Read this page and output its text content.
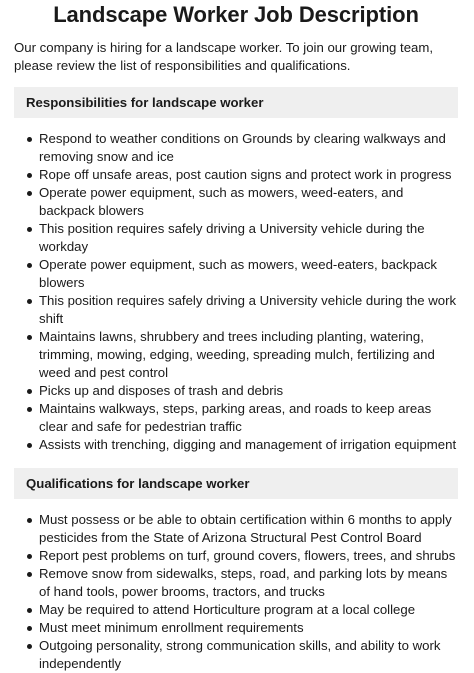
Landscape Worker Job Description

Our company is hiring for a landscape worker. To join our growing team, please review the list of responsibilities and qualifications.

Responsibilities for landscape worker
Respond to weather conditions on Grounds by clearing walkways and removing snow and ice
Rope off unsafe areas, post caution signs and protect work in progress
Operate power equipment, such as mowers, weed-eaters, and backpack blowers
This position requires safely driving a University vehicle during the workday
Operate power equipment, such as mowers, weed-eaters, backpack blowers
This position requires safely driving a University vehicle during the work shift
Maintains lawns, shrubbery and trees including planting, watering, trimming, mowing, edging, weeding, spreading mulch, fertilizing and weed and pest control
Picks up and disposes of trash and debris
Maintains walkways, steps, parking areas, and roads to keep areas clear and safe for pedestrian traffic
Assists with trenching, digging and management of irrigation equipment
Qualifications for landscape worker
Must possess or be able to obtain certification within 6 months to apply pesticides from the State of Arizona Structural Pest Control Board
Report pest problems on turf, ground covers, flowers, trees, and shrubs
Remove snow from sidewalks, steps, road, and parking lots by means of hand tools, power brooms, tractors, and trucks
May be required to attend Horticulture program at a local college
Must meet minimum enrollment requirements
Outgoing personality, strong communication skills, and ability to work independently
